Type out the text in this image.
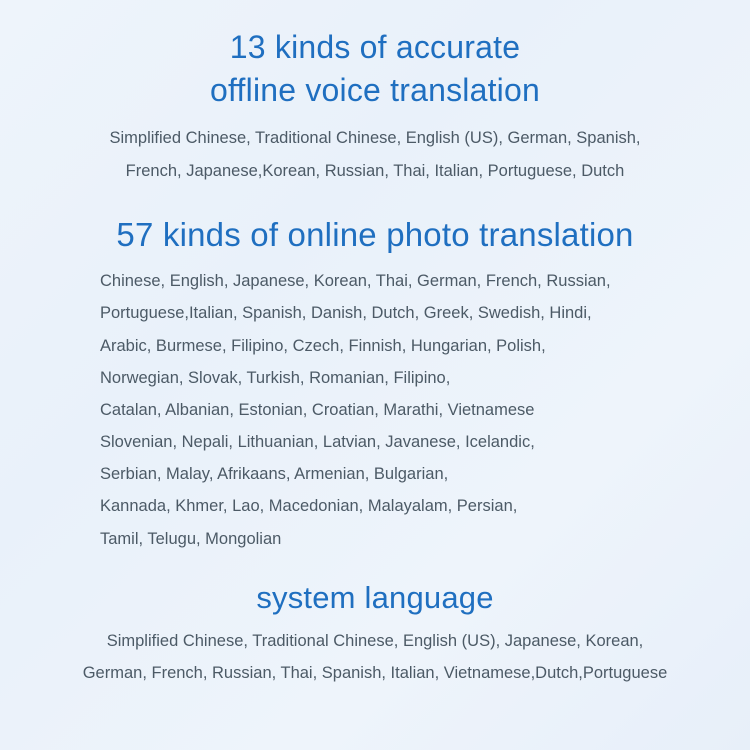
13 kinds of accurate
offline voice translation
Simplified Chinese, Traditional Chinese, English (US), German, Spanish,
French, Japanese,Korean, Russian, Thai, Italian, Portuguese, Dutch
57 kinds of online photo translation
Chinese, English, Japanese, Korean, Thai, German, French, Russian,
Portuguese,Italian, Spanish, Danish, Dutch, Greek, Swedish, Hindi,
Arabic, Burmese, Filipino, Czech, Finnish, Hungarian, Polish,
Norwegian, Slovak, Turkish, Romanian, Filipino,
Catalan, Albanian, Estonian, Croatian, Marathi, Vietnamese
Slovenian, Nepali, Lithuanian, Latvian, Javanese, Icelandic,
Serbian, Malay, Afrikaans, Armenian, Bulgarian,
Kannada, Khmer, Lao, Macedonian, Malayalam, Persian,
Tamil, Telugu, Mongolian
system language
Simplified Chinese, Traditional Chinese, English (US), Japanese, Korean,
German, French, Russian, Thai, Spanish, Italian, Vietnamese,Dutch,Portuguese
